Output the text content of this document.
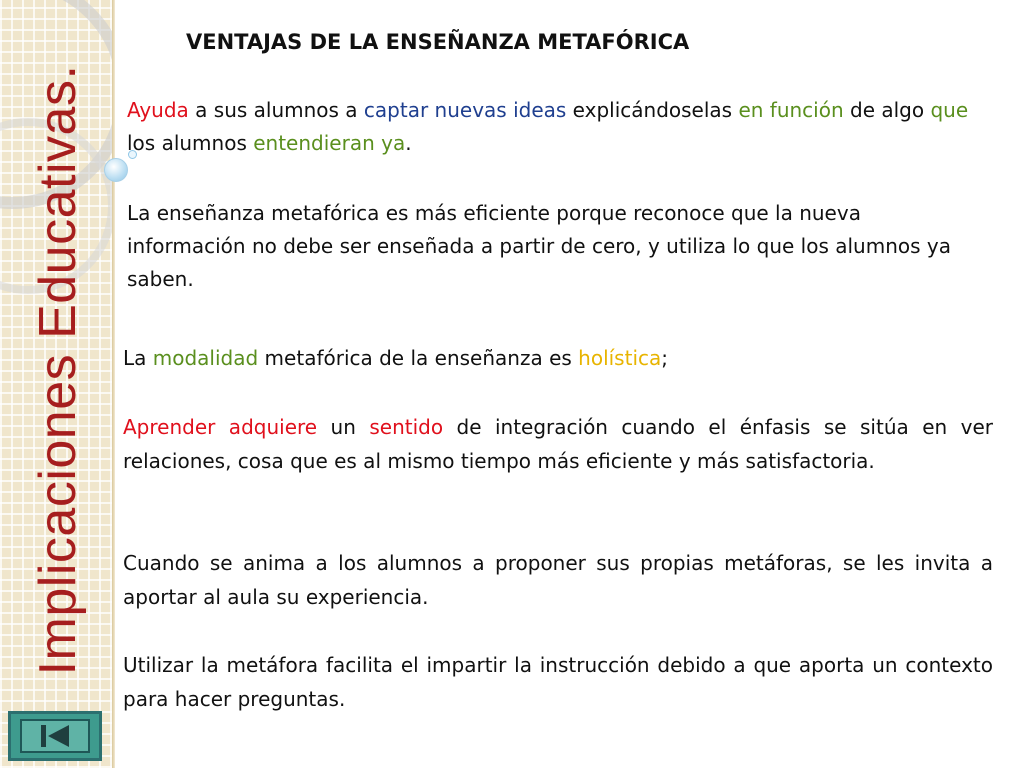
Implicaciones Educativas.
VENTAJAS DE LA ENSEÑANZA METAFÓRICA
Ayuda a sus alumnos a captar nuevas ideas explicándoselas en función de algo que los alumnos entendieran ya.
La enseñanza metafórica es más eficiente porque reconoce que la nueva información no debe ser enseñada a partir de cero, y utiliza lo que los alumnos ya saben.
La modalidad metafórica de la enseñanza es holística;
Aprender adquiere un sentido de integración cuando el énfasis se sitúa en ver relaciones, cosa que es al mismo tiempo más eficiente y más satisfactoria.
Cuando se anima a los alumnos a proponer sus propias metáforas, se les invita a aportar al aula su experiencia.
Utilizar la metáfora facilita el impartir la instrucción debido a que aporta un contexto para hacer preguntas.
